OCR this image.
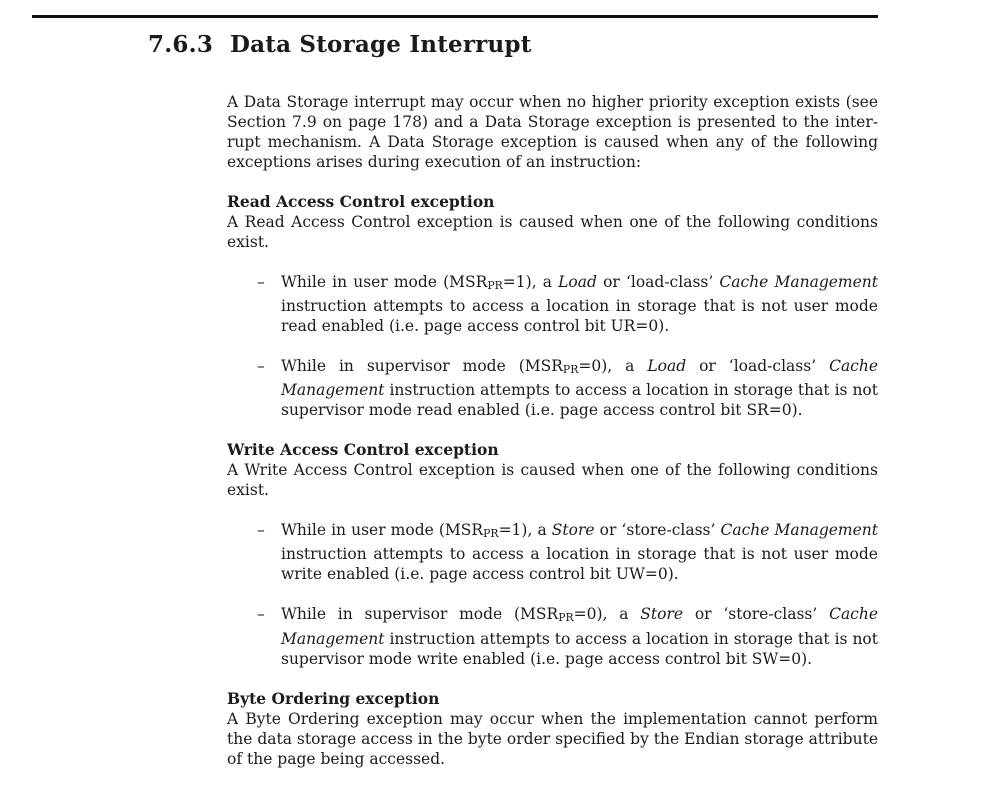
7.6.3 Data Storage Interrupt

A Data Storage interrupt may occur when no higher priority exception exists (see Section 7.9 on page 178) and a Data Storage exception is presented to the interrupt mechanism. A Data Storage exception is caused when any of the following exceptions arises during execution of an instruction:

Read Access Control exception

A Read Access Control exception is caused when one of the following conditions exist.

–	While in user mode $(MSR_{PR}=1)$, a Load or ‘load-class’ Cache Management instruction attempts to access a location in storage that is not user mode read enabled (i.e. page access control bit UR=0).

–	While in supervisor mode $(MSR_{PR}=0)$, a Load or ‘load-class’ Cache Management instruction attempts to access a location in storage that is not supervisor mode read enabled (i.e. page access control bit SR=0).

Write Access Control exception

A Write Access Control exception is caused when one of the following conditions exist.

–	While in user mode $(MSR_{PR}=1)$, a Store or ‘store-class’ Cache Management instruction attempts to access a location in storage that is not user mode write enabled (i.e. page access control bit UW=0).

–	While in supervisor mode $(MSR_{PR}=0)$, a Store or ‘store-class’ Cache Management instruction attempts to access a location in storage that is not supervisor mode write enabled (i.e. page access control bit SW=0).

Byte Ordering exception

A Byte Ordering exception may occur when the implementation cannot perform the data storage access in the byte order specified by the Endian storage attribute of the page being accessed.
